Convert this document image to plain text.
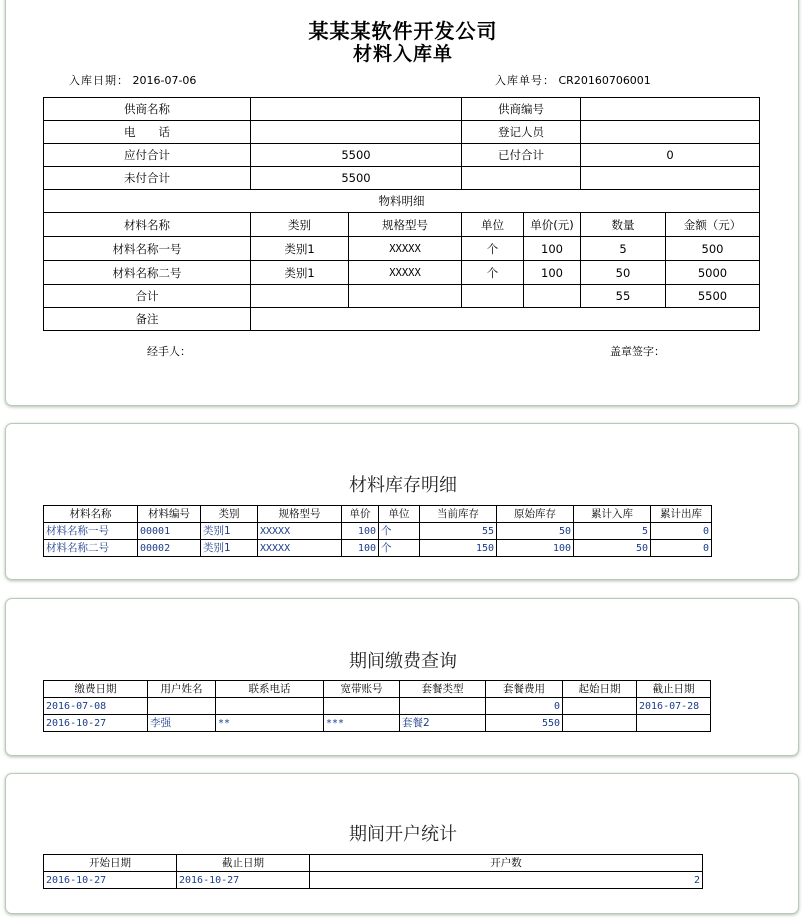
某某某软件开发公司
材料入库单
入库日期： 2016-07-06	入库单号： CR20160706001
供商名称			供商编号			
电　　话			登记人员			
应付合计	5500		已付合计		0	
未付合计	5500					
物料明细						
材料名称	类别	规格型号	单位	单价(元)	数量	金额（元）
材料名称一号	类别1	XXXXX	个	100	5	500
材料名称二号	类别1	XXXXX	个	100	50	5000
合计					55	5500
备注						
经手人：	盖章签字：
材料库存明细
材料名称	材料编号	类别	规格型号	单价	单位	当前库存	原始库存	累计入库	累计出库
材料名称一号	00001	类别1	XXXXX	100	个	55	50	5	0
材料名称二号	00002	类别1	XXXXX	100	个	150	100	50	0
期间缴费查询
缴费日期	用户姓名	联系电话	宽带账号	套餐类型	套餐费用	起始日期	截止日期
2016-07-08					0		2016-07-28
2016-10-27	李强	**	***	套餐2	550		
期间开户统计
开始日期	截止日期	开户数
2016-10-27	2016-10-27	2
